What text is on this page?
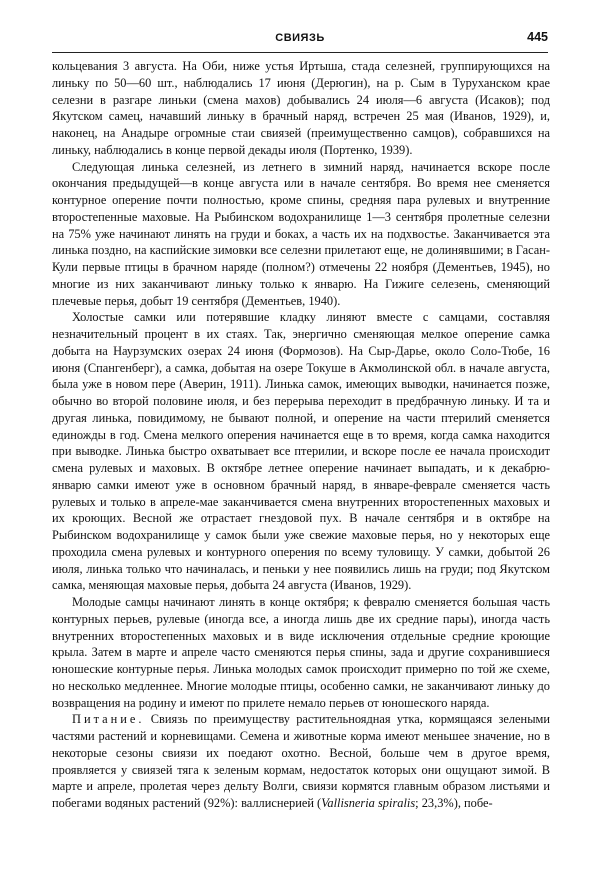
СВИЯЗЬ	445

кольцевания 3 августа. На Оби, ниже устья Иртыша, стада селезней, группирующихся на линьку по 50—60 шт., наблюдались 17 июня (Дерюгин), на р. Сым в Туруханском крае селезни в разгаре линьки (смена махов) добывались 24 июля—6 августа (Исаков); под Якутском самец, начавший линьку в брачный наряд, встречен 25 мая (Иванов, 1929), и, наконец, на Анадыре огромные стаи свиязей (преимущественно самцов), собравшихся на линьку, наблюдались в конце первой декады июля (Портенко, 1939).

Следующая линька селезней, из летнего в зимний наряд, начинается вскоре после окончания предыдущей—в конце августа или в начале сентября. Во время нее сменяется контурное оперение почти полностью, кроме спины, средняя пара рулевых и внутренние второстепенные маховые. На Рыбинском водохранилище 1—3 сентября пролетные селезни на 75% уже начинают линять на груди и боках, а часть их на подхвостье. Заканчивается эта линька поздно, на каспийские зимовки все селезни прилетают еще, не долинявшими; в Гасан-Кули первые птицы в брачном наряде (полном?) отмечены 22 ноября (Дементьев, 1945), но многие из них заканчивают линьку только к январю. На Гижиге селезень, сменяющий плечевые перья, добыт 19 сентября (Дементьев, 1940).

Холостые самки или потерявшие кладку линяют вместе с самцами, составляя незначительный процент в их стаях. Так, энергично сменяющая мелкое оперение самка добыта на Наурзумских озерах 24 июня (Формозов). На Сыр-Дарье, около Соло-Тюбе, 16 июня (Спангенберг), а самка, добытая на озере Токуше в Акмолинской обл. в начале августа, была уже в новом пере (Аверин, 1911). Линька самок, имеющих выводки, начинается позже, обычно во второй половине июля, и без перерыва переходит в предбрачную линьку. И та и другая линька, повидимому, не бывают полной, и оперение на части птерилий сменяется единожды в год. Смена мелкого оперения начинается еще в то время, когда самка находится при выводке. Линька быстро охватывает все птерилии, и вскоре после ее начала происходит смена рулевых и маховых. В октябре летнее оперение начинает выпадать, и к декабрю-январю самки имеют уже в основном брачный наряд, в январе-феврале сменяется часть рулевых и только в апреле-мае заканчивается смена внутренних второстепенных маховых и их кроющих. Весной же отрастает гнездовой пух. В начале сентября и в октябре на Рыбинском водохранилище у самок были уже свежие маховые перья, но у некоторых еще проходила смена рулевых и контурного оперения по всему туловищу. У самки, добытой 26 июля, линька только что начиналась, и пеньки у нее появились лишь на груди; под Якутском самка, меняющая маховые перья, добыта 24 августа (Иванов, 1929).

Молодые самцы начинают линять в конце октября; к февралю сменяется большая часть контурных перьев, рулевые (иногда все, а иногда лишь две их средние пары), иногда часть внутренних второстепенных маховых и в виде исключения отдельные средние кроющие крыла. Затем в марте и апреле часто сменяются перья спины, зада и другие сохранившиеся юношеские контурные перья. Линька молодых самок происходит примерно по той же схеме, но несколько медленнее. Многие молодые птицы, особенно самки, не заканчивают линьку до возвращения на родину и имеют по прилете немало перьев от юношеского наряда.

Питание. Свиязь по преимуществу растительноядная утка, кормящаяся зелеными частями растений и корневищами. Семена и животные корма имеют меньшее значение, но в некоторые сезоны свиязи их поедают охотно. Весной, больше чем в другое время, проявляется у свиязей тяга к зеленым кормам, недостаток которых они ощущают зимой. В марте и апреле, пролетая через дельту Волги, свиязи кормятся главным образом листьями и побегами водяных растений (92%): валлиснерией (Vallisneria spiralis; 23,3%), побе-
